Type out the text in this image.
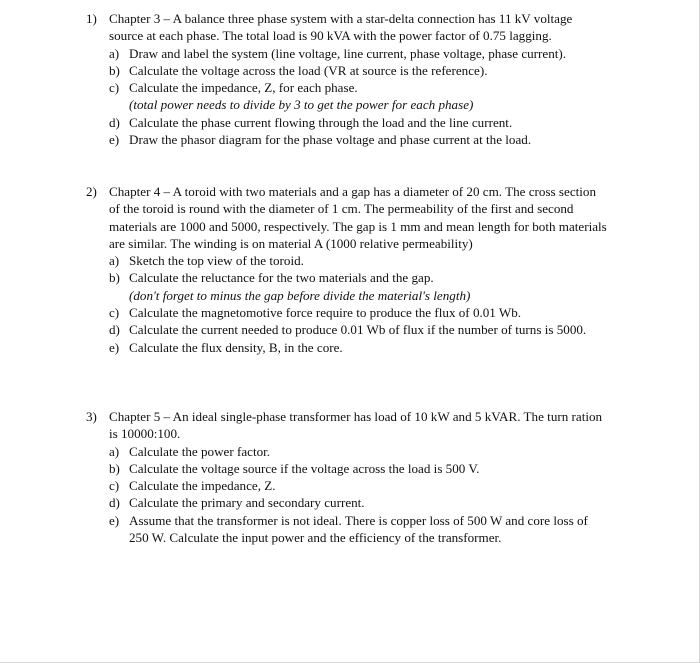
1) Chapter 3 – A balance three phase system with a star-delta connection has 11 kV voltage source at each phase. The total load is 90 kVA with the power factor of 0.75 lagging.
a) Draw and label the system (line voltage, line current, phase voltage, phase current).
b) Calculate the voltage across the load (VR at source is the reference).
c) Calculate the impedance, Z, for each phase.
(total power needs to divide by 3 to get the power for each phase)
d) Calculate the phase current flowing through the load and the line current.
e) Draw the phasor diagram for the phase voltage and phase current at the load.
2) Chapter 4 – A toroid with two materials and a gap has a diameter of 20 cm. The cross section of the toroid is round with the diameter of 1 cm. The permeability of the first and second materials are 1000 and 5000, respectively. The gap is 1 mm and mean length for both materials are similar. The winding is on material A (1000 relative permeability)
a) Sketch the top view of the toroid.
b) Calculate the reluctance for the two materials and the gap.
(don't forget to minus the gap before divide the material's length)
c) Calculate the magnetomotive force require to produce the flux of 0.01 Wb.
d) Calculate the current needed to produce 0.01 Wb of flux if the number of turns is 5000.
e) Calculate the flux density, B, in the core.
3) Chapter 5 – An ideal single-phase transformer has load of 10 kW and 5 kVAR. The turn ration is 10000:100.
a) Calculate the power factor.
b) Calculate the voltage source if the voltage across the load is 500 V.
c) Calculate the impedance, Z.
d) Calculate the primary and secondary current.
e) Assume that the transformer is not ideal. There is copper loss of 500 W and core loss of 250 W. Calculate the input power and the efficiency of the transformer.
